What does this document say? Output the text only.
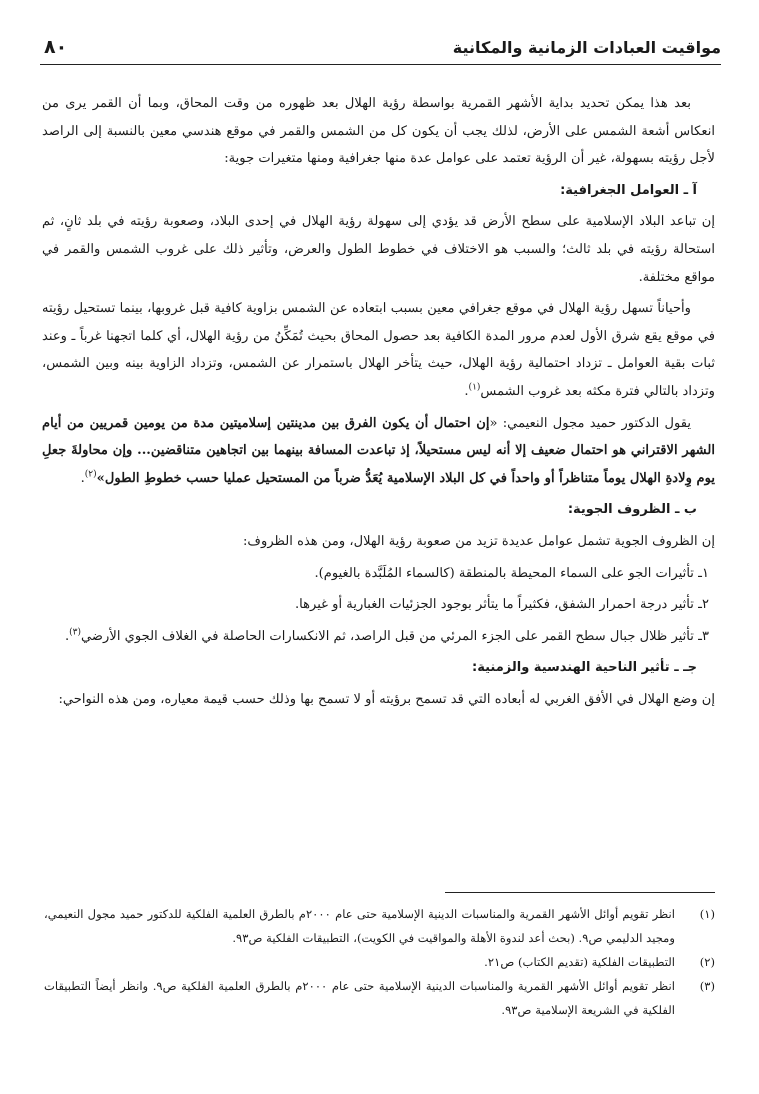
مواقيت العبادات الزمانية والمكانية
٨٠

بعد هذا يمكن تحديد بداية الأشهر القمرية بواسطة رؤية الهلال بعد ظهوره من وقت المحاق، وبما أن القمر يرى من انعكاس أشعة الشمس على الأرض، لذلك يجب أن يكون كل من الشمس والقمر في موقع هندسي معين بالنسبة إلى الراصد لأجل رؤيته بسهولة، غير أن الرؤية تعتمد على عوامل عدة منها جغرافية ومنها متغيرات جوية:

آ ـ العوامل الجغرافية:

إن تباعد البلاد الإسلامية على سطح الأرض قد يؤدي إلى سهولة رؤية الهلال في إحدى البلاد، وصعوبة رؤيته في بلد ثانٍ، ثم استحالة رؤيته في بلد ثالث؛ والسبب هو الاختلاف في خطوط الطول والعرض، وتأثير ذلك على غروب الشمس والقمر في مواقع مختلفة.

وأحياناً تسهل رؤية الهلال في موقع جغرافي معين بسبب ابتعاده عن الشمس بزاوية كافية قبل غروبها، بينما تستحيل رؤيته في موقع يقع شرق الأول لعدم مرور المدة الكافية بعد حصول المحاق بحيث تُمَكِّنُ من رؤية الهلال، أي كلما اتجهنا غرباً ـ وعند ثبات بقية العوامل ـ تزداد احتمالية رؤية الهلال، حيث يتأخر الهلال باستمرار عن الشمس، وتزداد الزاوية بينه وبين الشمس، وتزداد بالتالي فترة مكثه بعد غروب الشمس$^{(١)}$.

يقول الدكتور حميد مجول النعيمي: «إن احتمال أن يكون الفرق بين مدينتين إسلاميتين مدة من يومين قمريين من أيام الشهر الاقتراني هو احتمال ضعيف إلا أنه ليس مستحيلاً، إذ تباعدت المسافة بينهما بين اتجاهين متناقضين... وإن محاولةَ جعلِ يوم وِلادةِ الهلال يوماً متناظراً أو واحداً في كل البلاد الإسلامية يُعَدُّ ضرباً من المستحيل عمليا حسب خطوطِ الطول»$^{(٢)}$.

ب ـ الظروف الجوية:

إن الظروف الجوية تشمل عوامل عديدة تزيد من صعوبة رؤية الهلال، ومن هذه الظروف:

١ـ تأثيرات الجو على السماء المحيطة بالمنطقة (كالسماء المُلَبَّدة بالغيوم).

٢ـ تأثير درجة احمرار الشفق، فكثيراً ما يتأثر بوجود الجزئيات الغبارية أو غيرها.

٣ـ تأثير ظلال جبال سطح القمر على الجزء المرئي من قبل الراصد، ثم الانكسارات الحاصلة في الغلاف الجوي الأرضي$^{(٣)}$.

جـ ـ تأثير الناحية الهندسية والزمنية:

إن وضع الهلال في الأفق الغربي له أبعاده التي قد تسمح برؤيته أو لا تسمح بها وذلك حسب قيمة معياره، ومن هذه النواحي:

(١)
انظر تقويم أوائل الأشهر القمرية والمناسبات الدينية الإسلامية حتى عام ٢٠٠٠م بالطرق العلمية الفلكية للدكتور حميد مجول النعيمي، ومجيد الدليمي ص٩. (بحث أعد لندوة الأهلة والمواقيت في الكويت)، التطبيقات الفلكية ص٩٣.
(٢)
التطبيقات الفلكية (تقديم الكتاب) ص٢١.
(٣)
انظر تقويم أوائل الأشهر القمرية والمناسبات الدينية الإسلامية حتى عام ٢٠٠٠م بالطرق العلمية الفلكية ص٩. وانظر أيضاً التطبيقات الفلكية في الشريعة الإسلامية ص٩٣.
